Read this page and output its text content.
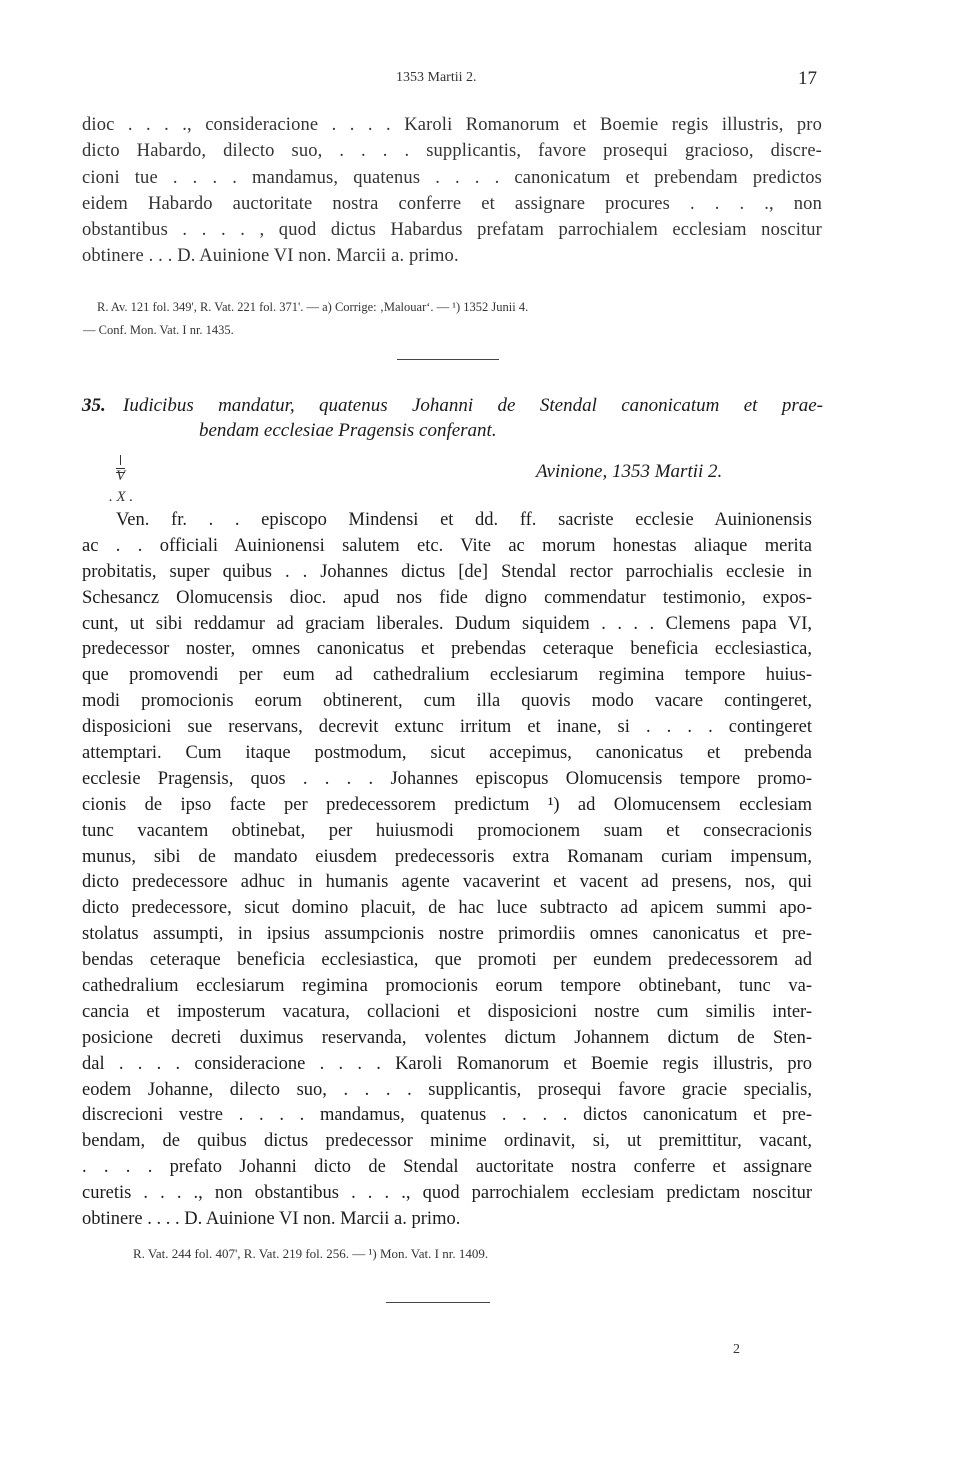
1353 Martii 2.	17
dioc . . . ., consideracione . . . . Karoli Romanorum et Boemie regis illustris, pro
dicto Habardo, dilecto suo, . . . . supplicantis, favore prosequi gracioso, discre-
cioni tue . . . . mandamus, quatenus . . . . canonicatum et prebendam predictos
eidem Habardo auctoritate nostra conferre et assignare procures . . . ., non
obstantibus . . . . , quod dictus Habardus prefatam parrochialem ecclesiam noscitur
obtinere . . . D. Auinione VI non. Marcii a. primo.
R. Av. 121 fol. 349', R. Vat. 221 fol. 371'. — a) Corrige: ‚Malouar‘. — ¹) 1352 Junii 4.
— Conf. Mon. Vat. I nr. 1435.
35. Iudicibus mandatur, quatenus Johanni de Stendal canonicatum et prae-
bendam ecclesiae Pragensis conferant.
V
. X .
Avinione, 1353 Martii 2.
Ven. fr. . . episcopo Mindensi et dd. ff. sacriste ecclesie Auinionensis
ac . . officiali Auinionensi salutem etc. Vite ac morum honestas aliaque merita
probitatis, super quibus . . Johannes dictus [de] Stendal rector parrochialis ecclesie in
Schesancz Olomucensis dioc. apud nos fide digno commendatur testimonio, expos-
cunt, ut sibi reddamur ad graciam liberales. Dudum siquidem . . . . Clemens papa VI,
predecessor noster, omnes canonicatus et prebendas ceteraque beneficia ecclesiastica,
que promovendi per eum ad cathedralium ecclesiarum regimina tempore huius-
modi promocionis eorum obtinerent, cum illa quovis modo vacare contingeret,
disposicioni sue reservans, decrevit extunc irritum et inane, si . . . . contingeret
attemptari. Cum itaque postmodum, sicut accepimus, canonicatus et prebenda
ecclesie Pragensis, quos . . . . Johannes episcopus Olomucensis tempore promo-
cionis de ipso facte per predecessorem predictum ¹) ad Olomucensem ecclesiam
tunc vacantem obtinebat, per huiusmodi promocionem suam et consecracionis
munus, sibi de mandato eiusdem predecessoris extra Romanam curiam impensum,
dicto predecessore adhuc in humanis agente vacaverint et vacent ad presens, nos, qui
dicto predecessore, sicut domino placuit, de hac luce subtracto ad apicem summi apo-
stolatus assumpti, in ipsius assumpcionis nostre primordiis omnes canonicatus et pre-
bendas ceteraque beneficia ecclesiastica, que promoti per eundem predecessorem ad
cathedralium ecclesiarum regimina promocionis eorum tempore obtinebant, tunc va-
cancia et imposterum vacatura, collacioni et disposicioni nostre cum similis inter-
posicione decreti duximus reservanda, volentes dictum Johannem dictum de Sten-
dal . . . . consideracione . . . . Karoli Romanorum et Boemie regis illustris, pro
eodem Johanne, dilecto suo, . . . . supplicantis, prosequi favore gracie specialis,
discrecioni vestre . . . . mandamus, quatenus . . . . dictos canonicatum et pre-
bendam, de quibus dictus predecessor minime ordinavit, si, ut premittitur, vacant,
. . . . prefato Johanni dicto de Stendal auctoritate nostra conferre et assignare
curetis . . . ., non obstantibus . . . ., quod parrochialem ecclesiam predictam noscitur
obtinere . . . . D. Auinione VI non. Marcii a. primo.
R. Vat. 244 fol. 407', R. Vat. 219 fol. 256. — ¹) Mon. Vat. I nr. 1409.
2
